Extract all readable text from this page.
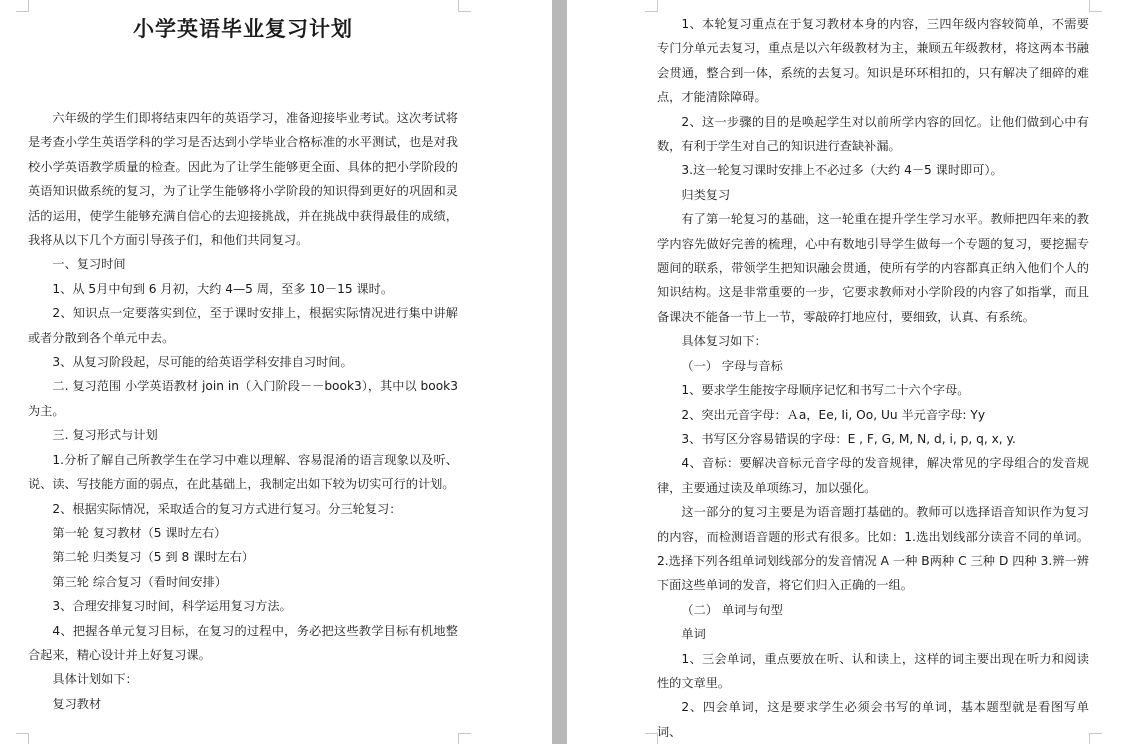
小学英语毕业复习计划

六年级的学生们即将结束四年的英语学习，准备迎接毕业考试。这次考试将是考查小学生英语学科的学习是否达到小学毕业合格标准的水平测试，也是对我校小学英语教学质量的检查。因此为了让学生能够更全面、具体的把小学阶段的英语知识做系统的复习，为了让学生能够将小学阶段的知识得到更好的巩固和灵活的运用，使学生能够充满自信心的去迎接挑战，并在挑战中获得最佳的成绩，我将从以下几个方面引导孩子们，和他们共同复习。

一、复习时间

1、从 5月中旬到 6 月初，大约 4—5 周，至多 10－15 课时。

2、知识点一定要落实到位，至于课时安排上，根据实际情况进行集中讲解或者分散到各个单元中去。

3、从复习阶段起，尽可能的给英语学科安排自习时间。

二. 复习范围 小学英语教材 join in（入门阶段－－book3），其中以 book3 为主。

三. 复习形式与计划

1.分析了解自己所教学生在学习中难以理解、容易混淆的语言现象以及听、说、读、写技能方面的弱点，在此基础上，我制定出如下较为切实可行的计划。

2、根据实际情况，采取适合的复习方式进行复习。分三轮复习：

第一轮 复习教材（5 课时左右）

第二轮 归类复习（5 到 8 课时左右）

第三轮 综合复习（看时间安排）

3、合理安排复习时间，科学运用复习方法。

4、把握各单元复习目标，在复习的过程中，务必把这些教学目标有机地整合起来，精心设计并上好复习课。

具体计划如下：

复习教材

1、本轮复习重点在于复习教材本身的内容，三四年级内容较简单，不需要专门分单元去复习，重点是以六年级教材为主，兼顾五年级教材，将这两本书融会贯通，整合到一体，系统的去复习。知识是环环相扣的，只有解决了细碎的难点，才能清除障碍。

2、这一步骤的目的是唤起学生对以前所学内容的回忆。让他们做到心中有数，有利于学生对自己的知识进行查缺补漏。

3.这一轮复习课时安排上不必过多（大约 4－5 课时即可）。

归类复习

有了第一轮复习的基础，这一轮重在提升学生学习水平。教师把四年来的教学内容先做好完善的梳理，心中有数地引导学生做每一个专题的复习，要挖掘专题间的联系，带领学生把知识融会贯通，使所有学的内容都真正纳入他们个人的知识结构。这是非常重要的一步，它要求教师对小学阶段的内容了如指掌，而且备课决不能备一节上一节，零敲碎打地应付，要细致，认真、有系统。

具体复习如下：

（一） 字母与音标

1、要求学生能按字母顺序记忆和书写二十六个字母。

2、突出元音字母：Ａa，Ee, Ii, Oo, Uu 半元音字母: Yy

3、书写区分容易错误的字母：E , F, G, M, N, d, i, p, q, x, y.

4、音标：要解决音标元音字母的发音规律，解决常见的字母组合的发音规律，主要通过读及单项练习，加以强化。

这一部分的复习主要是为语音题打基础的。教师可以选择语音知识作为复习的内容，而检测语音题的形式有很多。比如：1.选出划线部分读音不同的单词。2.选择下列各组单词划线部分的发音情况 A 一种 B两种 C 三种 D 四种 3.辨一辨下面这些单词的发音，将它们归入正确的一组。

（二） 单词与句型

单词

1、三会单词，重点要放在听、认和读上，这样的词主要出现在听力和阅读性的文章里。

2、四会单词，这是要求学生必须会书写的单词，基本题型就是看图写单词、
